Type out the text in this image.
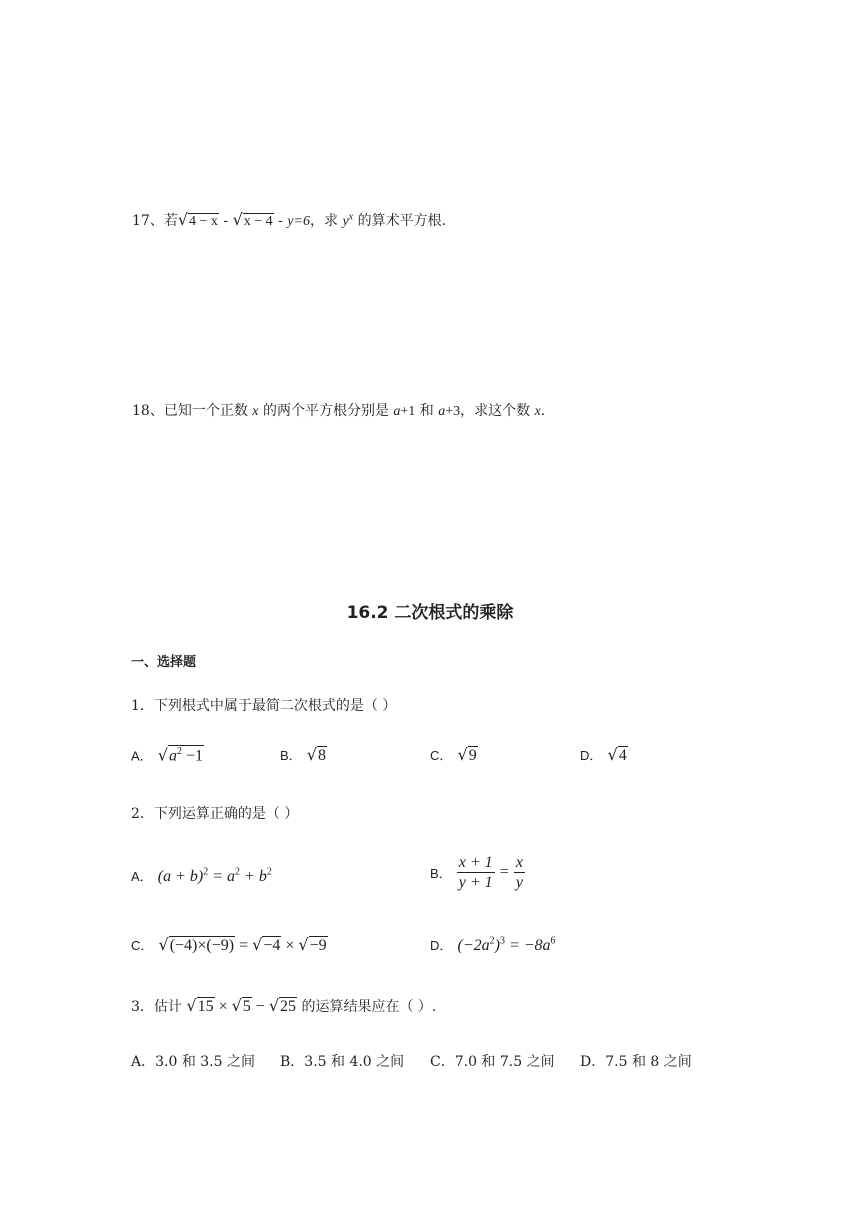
17、若√4 − x - √x − 4 - y=6，求 $y^x$ 的算术平方根.
18、已知一个正数 x 的两个平方根分别是 a+1 和 a+3，求这个数 x.
16.2 二次根式的乘除
一、选择题
1．下列根式中属于最简二次根式的是（ ）
A． $√a^2 -1$	B． √8	C． √9	D． √4
2．下列运算正确的是（ ）
A． $(a + b)^2 = a^2 + b^2$	B． $\frac{x + 1}{y + 1} = \frac{x}{y}$
C． √(−4)×(−9) = √−4 × √−9	D． $(-2a^2)^3 = -8a^6$
3．估计 √15 × √5 − √25 的运算结果应在（ ）.
A．3.0 和 3.5 之间 B．3.5 和 4.0 之间 C．7.0 和 7.5 之间 D．7.5 和 8 之间
